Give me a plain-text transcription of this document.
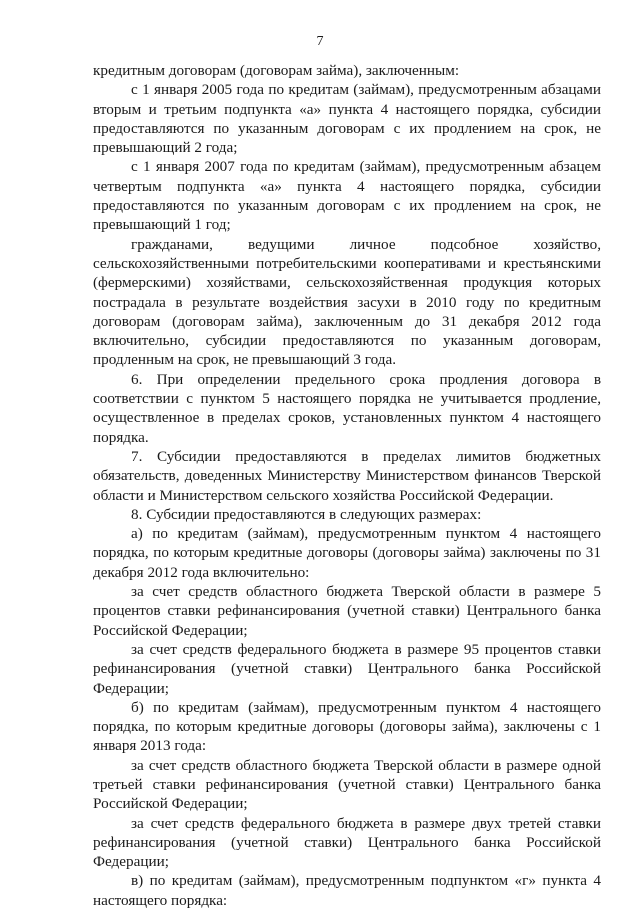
7

кредитным договорам (договорам займа), заключенным:

с 1 января 2005 года по кредитам (займам), предусмотренным абзацами вторым и третьим подпункта «а» пункта 4 настоящего порядка, субсидии предоставляются по указанным договорам с их продлением на срок, не превышающий 2 года;

с 1 января 2007 года по кредитам (займам), предусмотренным абзацем четвертым подпункта «а» пункта 4 настоящего порядка, субсидии предоставляются по указанным договорам с их продлением на срок, не превышающий 1 год;

гражданами, ведущими личное подсобное хозяйство, сельскохозяйственными потребительскими кооперативами и крестьянскими (фермерскими) хозяйствами, сельскохозяйственная продукция которых пострадала в результате воздействия засухи в 2010 году по кредитным договорам (договорам займа), заключенным до 31 декабря 2012 года включительно, субсидии предоставляются по указанным договорам, продленным на срок, не превышающий 3 года.

6. При определении предельного срока продления договора в соответствии с пунктом 5 настоящего порядка не учитывается продление, осуществленное в пределах сроков, установленных пунктом 4 настоящего порядка.

7. Субсидии предоставляются в пределах лимитов бюджетных обязательств, доведенных Министерству Министерством финансов Тверской области и Министерством сельского хозяйства Российской Федерации.

8. Субсидии предоставляются в следующих размерах:

а) по кредитам (займам), предусмотренным пунктом 4 настоящего порядка, по которым кредитные договоры (договоры займа) заключены по 31 декабря 2012 года включительно:

за счет средств областного бюджета Тверской области в размере 5 процентов ставки рефинансирования (учетной ставки) Центрального банка Российской Федерации;

за счет средств федерального бюджета в размере 95 процентов ставки рефинансирования (учетной ставки) Центрального банка Российской Федерации;

б) по кредитам (займам), предусмотренным пунктом 4 настоящего порядка, по которым кредитные договоры (договоры займа), заключены с 1 января 2013 года:

за счет средств областного бюджета Тверской области в размере одной третьей ставки рефинансирования (учетной ставки) Центрального банка Российской Федерации;

за счет средств федерального бюджета в размере двух третей ставки рефинансирования (учетной ставки) Центрального банка Российской Федерации;

в) по кредитам (займам), предусмотренным подпунктом «г» пункта 4 настоящего порядка:
